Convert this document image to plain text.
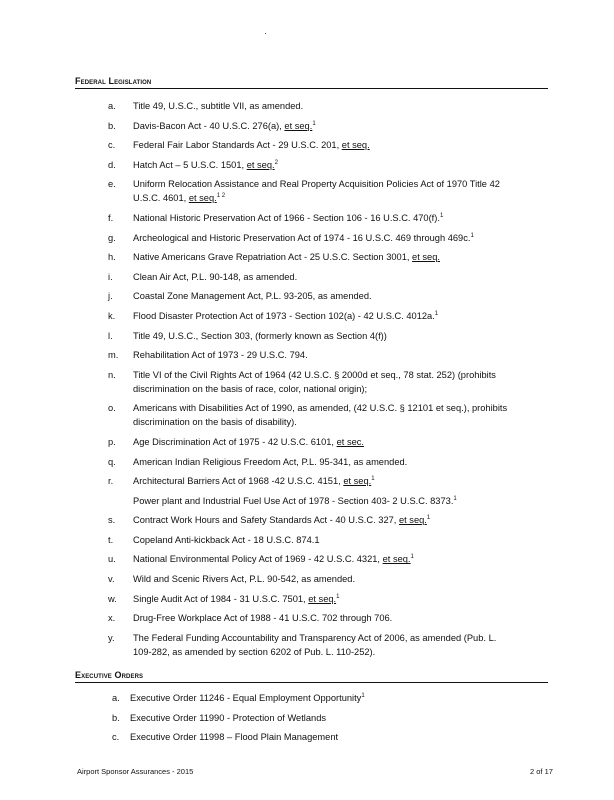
Federal Legislation
a.	Title 49, U.S.C., subtitle VII, as amended.
b.	Davis-Bacon Act - 40 U.S.C. 276(a), et seq.$^1$
c.	Federal Fair Labor Standards Act - 29 U.S.C. 201, et seq.
d.	Hatch Act – 5 U.S.C. 1501, et seq.$^2$
e.	Uniform Relocation Assistance and Real Property Acquisition Policies Act of 1970 Title 42
U.S.C. 4601, et seq.$^{1 2}$
f.	National Historic Preservation Act of 1966 - Section 106 - 16 U.S.C. 470(f).$^1$
g.	Archeological and Historic Preservation Act of 1974 - 16 U.S.C. 469 through 469c.$^1$
h.	Native Americans Grave Repatriation Act - 25 U.S.C. Section 3001, et seq.
i.	Clean Air Act, P.L. 90-148, as amended.
j.	Coastal Zone Management Act, P.L. 93-205, as amended.
k.	Flood Disaster Protection Act of 1973 - Section 102(a) - 42 U.S.C. 4012a.$^1$
l.	Title 49, U.S.C., Section 303, (formerly known as Section 4(f))
m.	Rehabilitation Act of 1973 - 29 U.S.C. 794.
n.	Title VI of the Civil Rights Act of 1964 (42 U.S.C. § 2000d et seq., 78 stat. 252) (prohibits
discrimination on the basis of race, color, national origin);
o.	Americans with Disabilities Act of 1990, as amended, (42 U.S.C. § 12101 et seq.), prohibits
discrimination on the basis of disability).
p.	Age Discrimination Act of 1975 - 42 U.S.C. 6101, et sec.
q.	American Indian Religious Freedom Act, P.L. 95-341, as amended.
r.	Architectural Barriers Act of 1968 -42 U.S.C. 4151, et seq.$^1$
Power plant and Industrial Fuel Use Act of 1978 - Section 403- 2 U.S.C. 8373.$^1$
s.	Contract Work Hours and Safety Standards Act - 40 U.S.C. 327, et seq.$^1$
t.	Copeland Anti-kickback Act - 18 U.S.C. 874.1
u.	National Environmental Policy Act of 1969 - 42 U.S.C. 4321, et seq.$^1$
v.	Wild and Scenic Rivers Act, P.L. 90-542, as amended.
w.	Single Audit Act of 1984 - 31 U.S.C. 7501, et seq.$^1$
x.	Drug-Free Workplace Act of 1988 - 41 U.S.C. 702 through 706.
y.	The Federal Funding Accountability and Transparency Act of 2006, as amended (Pub. L.
109-282, as amended by section 6202 of Pub. L. 110-252).
Executive Orders
a.	Executive Order 11246 - Equal Employment Opportunity$^1$
b.	Executive Order 11990 - Protection of Wetlands
c.	Executive Order 11998 – Flood Plain Management
Airport Sponsor Assurances - 2015	2 of 17
